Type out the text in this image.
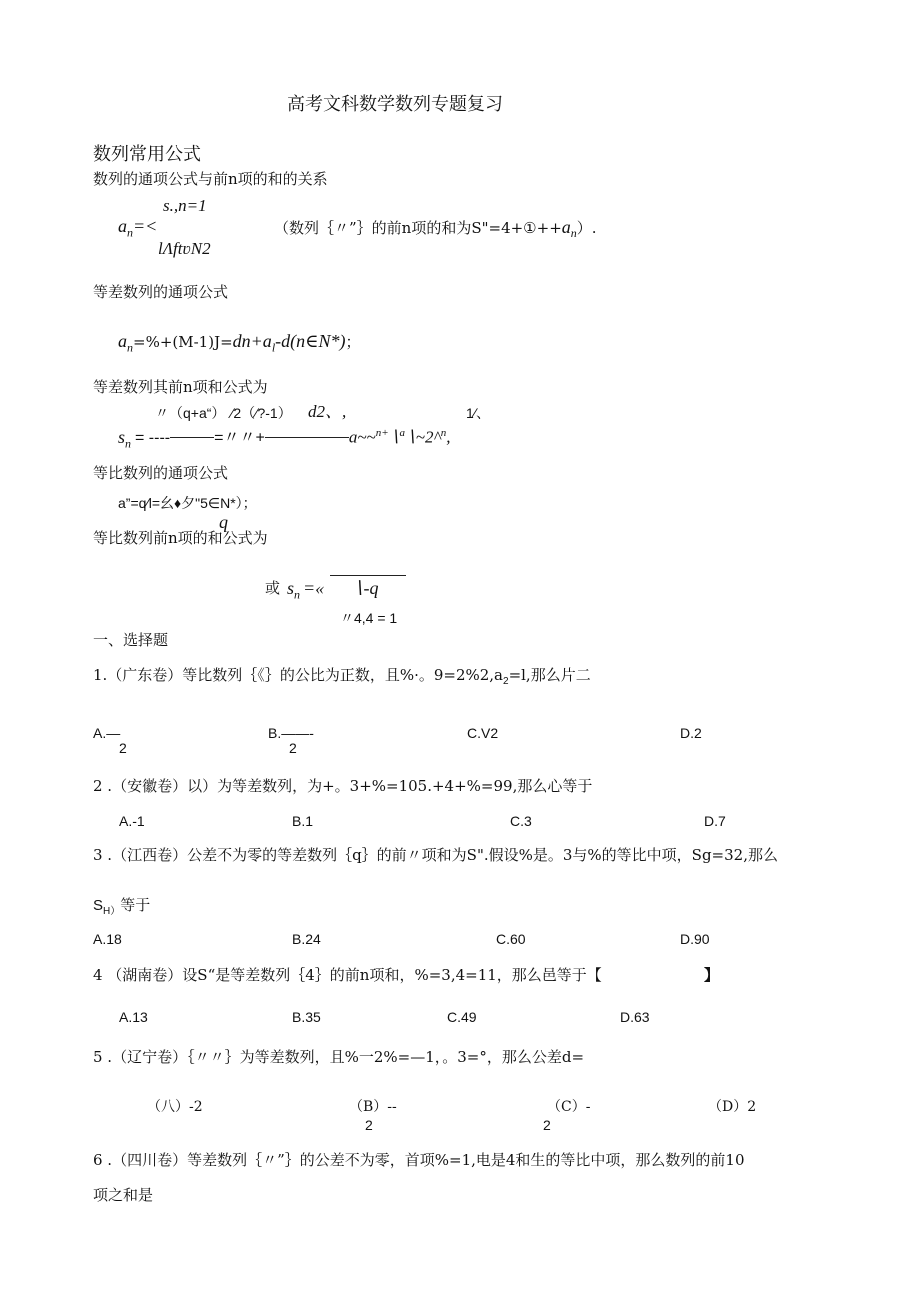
高考文科数学数列专题复习
数列常用公式
数列的通项公式与前n项的和的关系
s.,n=1
$a_n=<$
lΛftʋN2
（数列｛〃”｝的前n项的和为$S"=4+①++a_n$）.
等差数列的通项公式
$a_n=\%+(M-1)J=dn+a_l-d(n\in N*)$；
等差数列其前n项和公式为
〃（q+a“） ∕2（∕?-1） d2、,	1∕、
$s_n$ = ----	=〃〃+	a~~$^{n+}$∖$^a$∖~2^$^n$,
等比数列的通项公式
a”=q∕l=幺♦夕"5∈N*）；
q
等比数列前n项的和公式为
或 $s_n$ =« ∖-q
〃4,4 = 1
一、选择题
1.（广东卷）等比数列｛《｝的公比为正数，且%·。$9=2\%2,a_2=l$,那么片二
A.—
2
B.——-
2
C.V2	D.2
2 .（安徽卷）以）为等差数列，为+。3+%=105.+4+%=99,那么心等于
A.-1	B.1	C.3	D.7
3 .（江西卷）公差不为零的等差数列｛q｝的前〃项和为S".假设%是。3与%的等比中项，Sg=32,那么
$S_{H)}$等于
A.18	B.24	C.60	D.90
4 （湖南卷）设S“是等差数列｛4｝的前n项和，%=3,4=11，那么邑等于【	】
A.13	B.35	C.49	D.63
5 .（辽宁卷）｛〃〃｝为等差数列，且%一2%=—1，。3=°，那么公差d=
（八）-2	（B）--
2
（C）-
2
（D）2
6 .（四川卷）等差数列｛〃”｝的公差不为零，首项%=1,电是4和生的等比中项，那么数列的前10
项之和是
